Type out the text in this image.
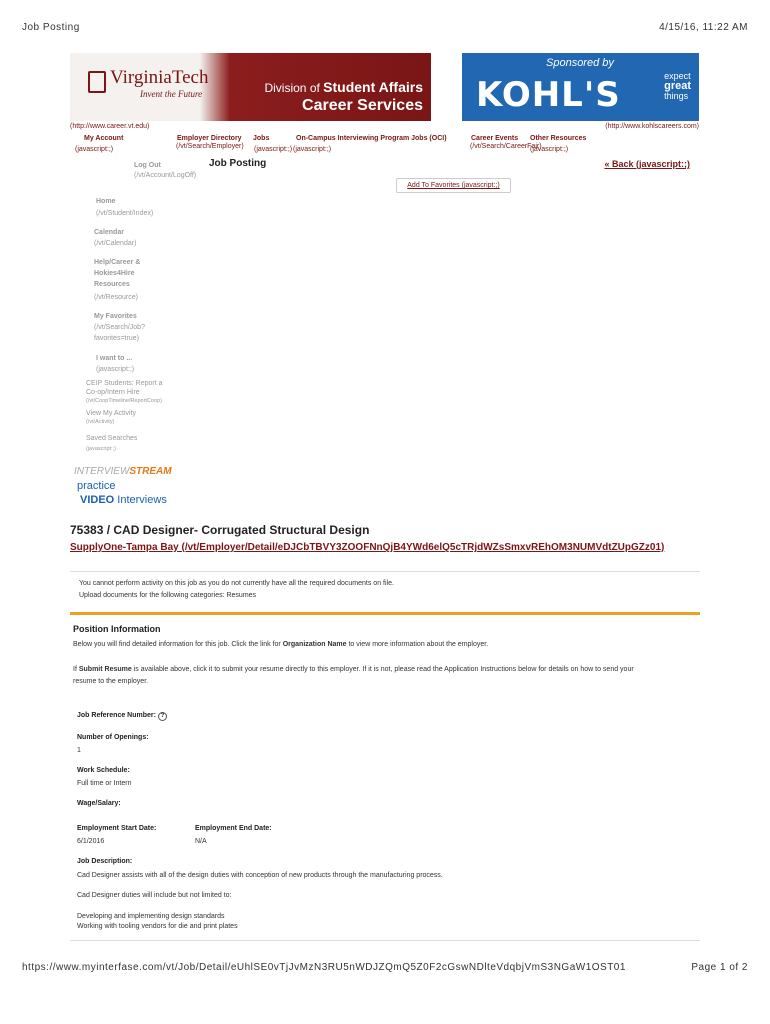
Job Posting	4/15/16, 11:22 AM
VirginiaTech
Invent the Future	Division of Student Affairs
Career Services
Sponsored by
KOHL'S	expect
great
things
(http://www.career.vt.edu)	(http://www.kohlscareers.com)
My Account
(javascript:;)
Employer Directory
(/vt/Search/Employer)
Jobs
(javascript:;)
On-Campus Interviewing Program Jobs (OCI)
(javascript:;)
Career Events
(/vt/Search/CareerFair)
Other Resources
(javascript:;)
Log Out
(/vt/Account/LogOff)
Job Posting	« Back (javascript:;)
Add To Favorites (javascript:;)
Home
(/vt/Student/Index)
Calendar
(/vt/Calendar)
Help/Career &
Hokies4Hire
Resources
(/vt/Resource)
My Favorites
(/vt/Search/Job?
favorites=true)
I want to ...
(javascript:;)
CEIP Students: Report a
Co-op/Intern Hire
(/vt/CoopTimeline/ReportCoop)
View My Activity
(/vt/Activity)
Saved Searches
(javascript:;)
INTERVIEWSTREAM
practice
VIDEO Interviews
75383 / CAD Designer- Corrugated Structural Design
SupplyOne-Tampa Bay (/vt/Employer/Detail/eDJCbTBVY3ZOOFNnQjB4YWd6elQ5cTRjdWZsSmxvREhOM3NUMVdtZUpGZz01)
You cannot perform activity on this job as you do not currently have all the required documents on file.
Upload documents for the following categories: Resumes
Position Information
Below you will find detailed information for this job. Click the link for Organization Name to view more information about the employer.
If Submit Resume is available above, click it to submit your resume directly to this employer. If it is not, please read the Application Instructions below for details on how to send your
resume to the employer.
Job Reference Number: ?
Number of Openings:
1
Work Schedule:
Full time or Intern
Wage/Salary:
Employment Start Date:
6/1/2016
Employment End Date:
N/A
Job Description:
Cad Designer assists with all of the design duties with conception of new products through the manufacturing process.
Cad Designer duties will include but not limited to:
Developing and implementing design standards
Working with tooling vendors for die and print plates
https://www.myinterfase.com/vt/Job/Detail/eUhlSE0vTjJvMzN3RU5nWDJZQmQ5Z0F2cGswNDlteVdqbjVmS3NGaW1OST01	Page 1 of 2
